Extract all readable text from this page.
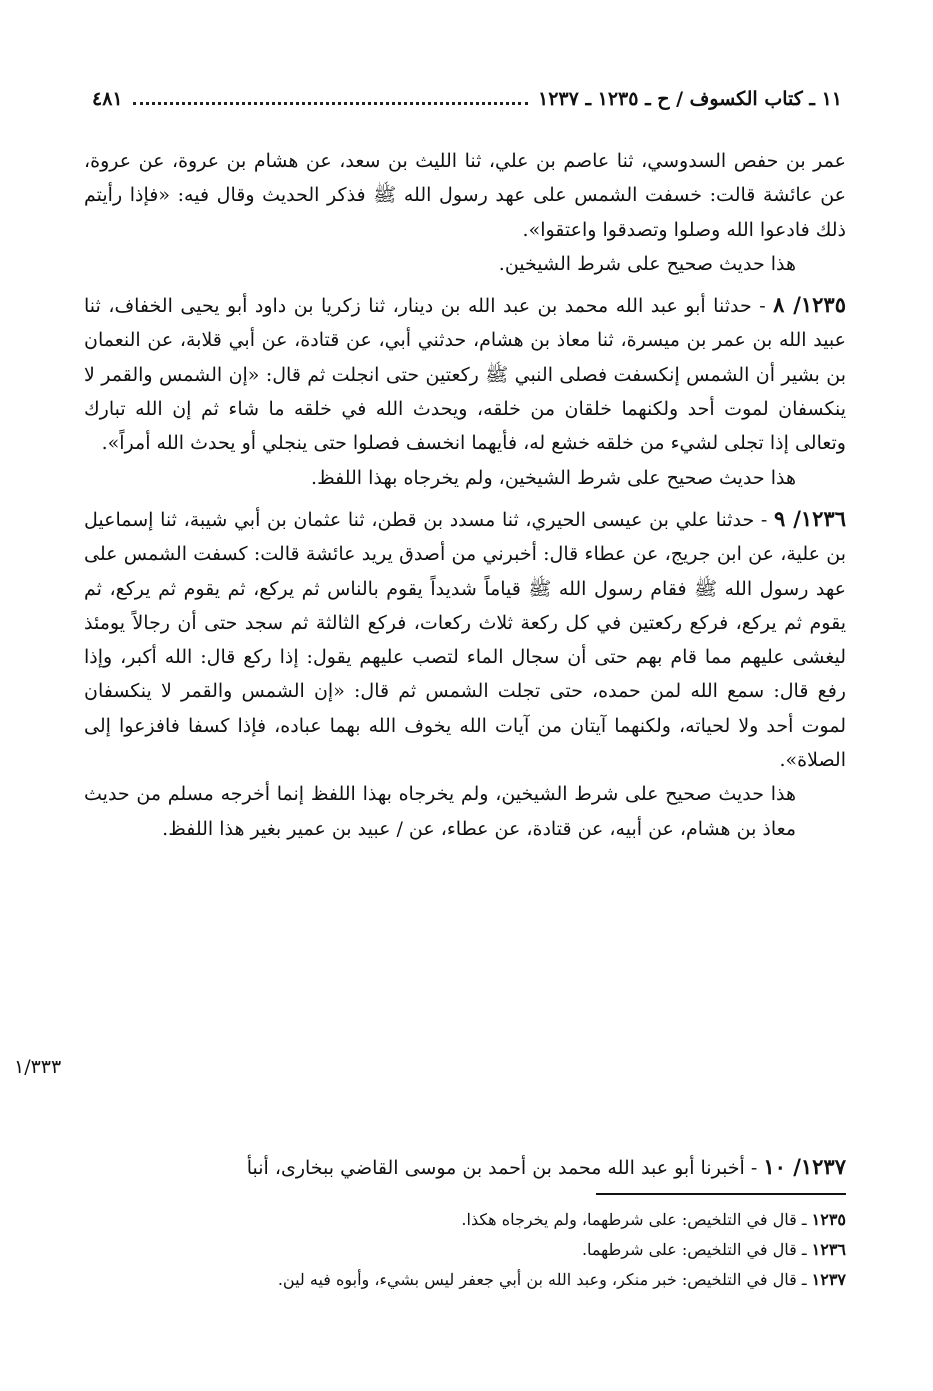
١١ ـ كتاب الكسوف / ح ـ ١٢٣٥ ـ ١٢٣٧
٤٨١

عمر بن حفص السدوسي، ثنا عاصم بن علي، ثنا الليث بن سعد، عن هشام بن عروة، عن عروة، عن عائشة قالت: خسفت الشمس على عهد رسول الله ﷺ فذكر الحديث وقال فيه: «فإذا رأيتم ذلك فادعوا الله وصلوا وتصدقوا واعتقوا».

هذا حديث صحيح على شرط الشيخين.

١٢٣٥/ ٨ - حدثنا أبو عبد الله محمد بن عبد الله بن دينار، ثنا زكريا بن داود أبو يحيى الخفاف، ثنا عبيد الله بن عمر بن ميسرة، ثنا معاذ بن هشام، حدثني أبي، عن قتادة، عن أبي قلابة، عن النعمان بن بشير أن الشمس إنكسفت فصلى النبي ﷺ ركعتين حتى انجلت ثم قال: «إن الشمس والقمر لا ينكسفان لموت أحد ولكنهما خلقان من خلقه، ويحدث الله في خلقه ما شاء ثم إن الله تبارك وتعالى إذا تجلى لشيء من خلقه خشع له، فأيهما انخسف فصلوا حتى ينجلي أو يحدث الله أمراً».

هذا حديث صحيح على شرط الشيخين، ولم يخرجاه بهذا اللفظ.

١٢٣٦/ ٩ - حدثنا علي بن عيسى الحيري، ثنا مسدد بن قطن، ثنا عثمان بن أبي شيبة، ثنا إسماعيل بن علية، عن ابن جريج، عن عطاء قال: أخبرني من أصدق يريد عائشة قالت: كسفت الشمس على عهد رسول الله ﷺ فقام رسول الله ﷺ قياماً شديداً يقوم بالناس ثم يركع، ثم يقوم ثم يركع، ثم يقوم ثم يركع، فركع ركعتين في كل ركعة ثلاث ركعات، فركع الثالثة ثم سجد حتى أن رجالاً يومئذ ليغشى عليهم مما قام بهم حتى أن سجال الماء لتصب عليهم يقول: إذا ركع قال: الله أكبر، وإذا رفع قال: سمع الله لمن حمده، حتى تجلت الشمس ثم قال: «إن الشمس والقمر لا ينكسفان لموت أحد ولا لحياته، ولكنهما آيتان من آيات الله يخوف الله بهما عباده، فإذا كسفا فافزعوا إلى الصلاة».

هذا حديث صحيح على شرط الشيخين، ولم يخرجاه بهذا اللفظ إنما أخرجه مسلم من حديث معاذ بن هشام، عن أبيه، عن قتادة، عن عطاء، عن / عبيد بن عمير بغير هذا اللفظ.

١/٣٣٣
١٢٣٧/ ١٠ - أخبرنا أبو عبد الله محمد بن أحمد بن موسى القاضي ببخارى، أنبأ

١٢٣٥ ـ قال في التلخيص: على شرطهما، ولم يخرجاه هكذا.

١٢٣٦ ـ قال في التلخيص: على شرطهما.

١٢٣٧ ـ قال في التلخيص: خبر منكر، وعبد الله بن أبي جعفر ليس بشيء، وأبوه فيه لين.
